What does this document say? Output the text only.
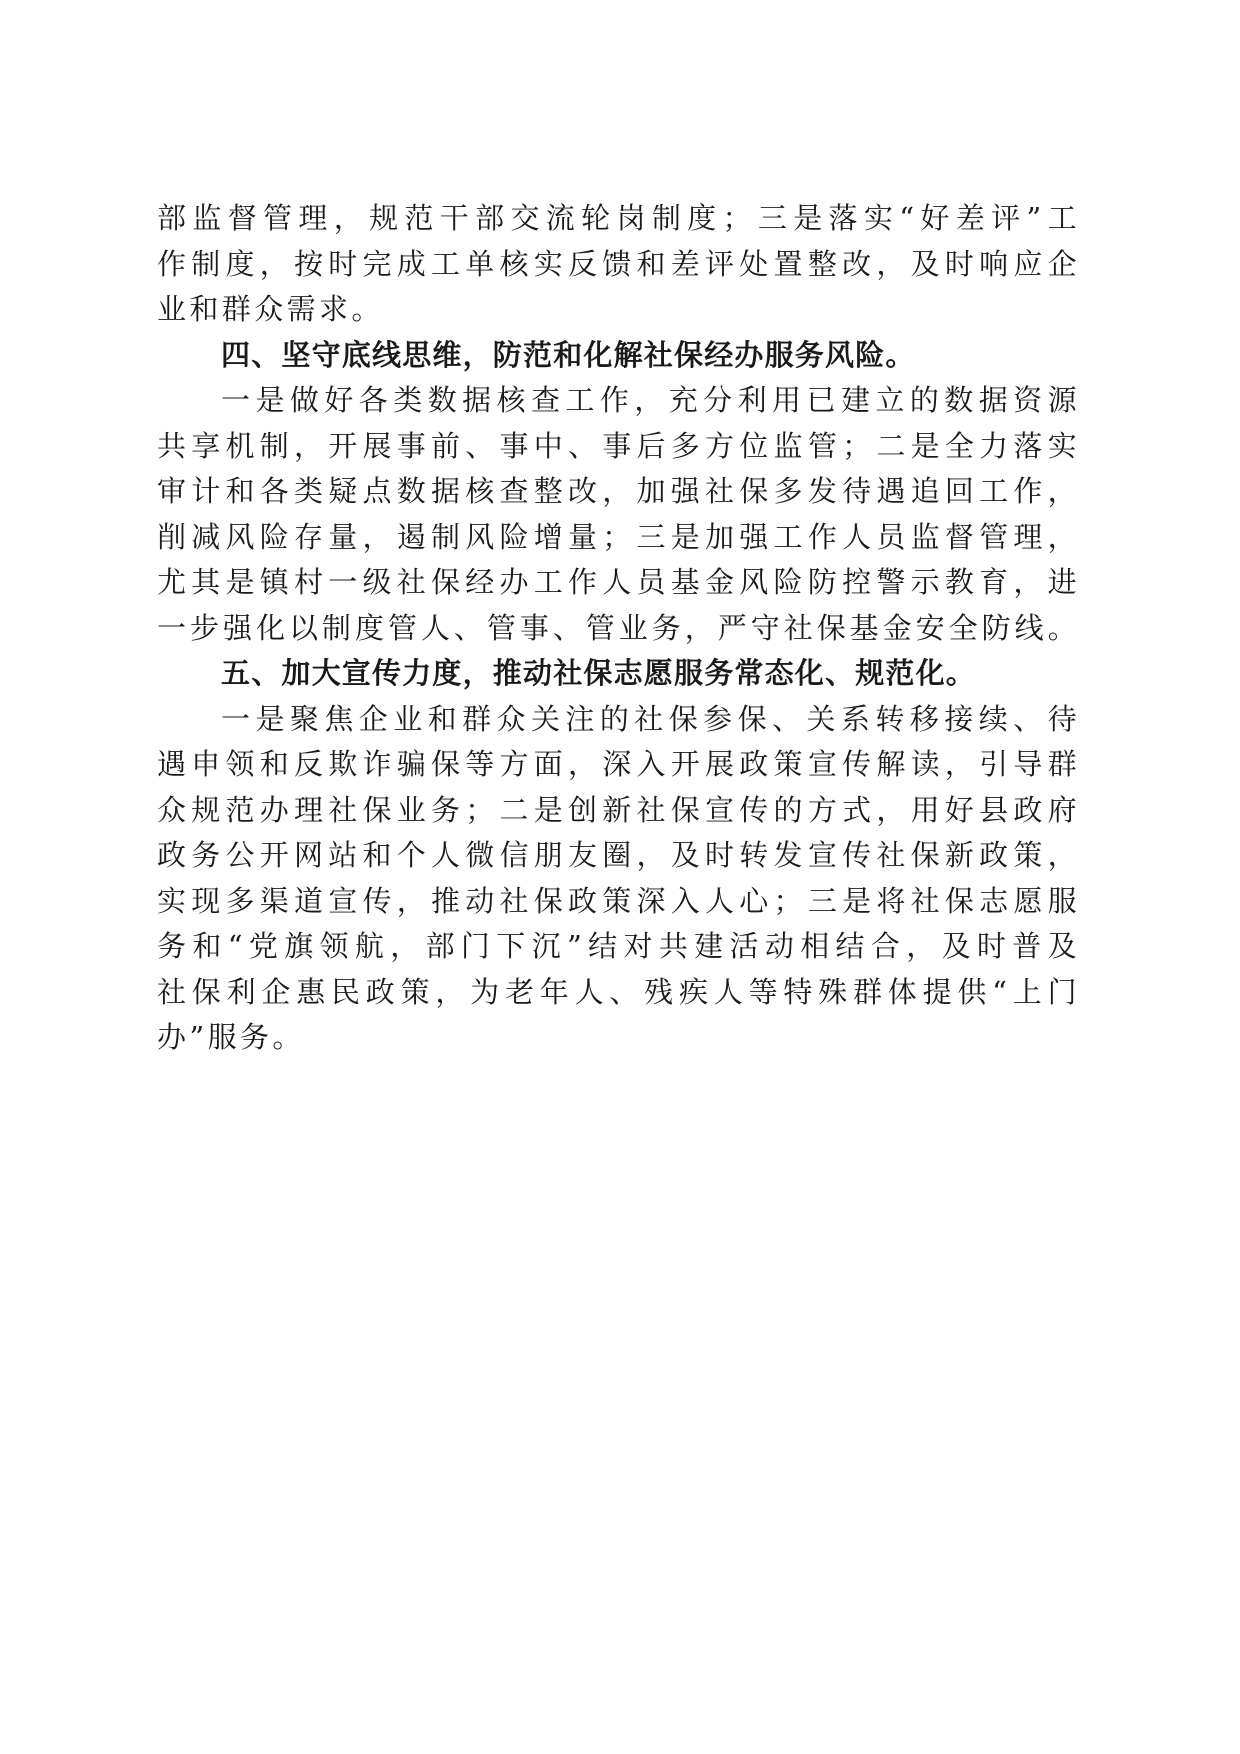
部监督管理，规范干部交流轮岗制度；三是落实“好差评”工
作制度，按时完成工单核实反馈和差评处置整改，及时响应企
业和群众需求。
四、坚守底线思维，防范和化解社保经办服务风险。
一是做好各类数据核查工作，充分利用已建立的数据资源
共享机制，开展事前、事中、事后多方位监管；二是全力落实
审计和各类疑点数据核查整改，加强社保多发待遇追回工作，
削减风险存量，遏制风险增量；三是加强工作人员监督管理，
尤其是镇村一级社保经办工作人员基金风险防控警示教育，进
一步强化以制度管人、管事、管业务，严守社保基金安全防线。
五、加大宣传力度，推动社保志愿服务常态化、规范化。
一是聚焦企业和群众关注的社保参保、关系转移接续、待
遇申领和反欺诈骗保等方面，深入开展政策宣传解读，引导群
众规范办理社保业务；二是创新社保宣传的方式，用好县政府
政务公开网站和个人微信朋友圈，及时转发宣传社保新政策，
实现多渠道宣传，推动社保政策深入人心；三是将社保志愿服
务和“党旗领航，部门下沉”结对共建活动相结合，及时普及
社保利企惠民政策，为老年人、残疾人等特殊群体提供“上门
办”服务。
